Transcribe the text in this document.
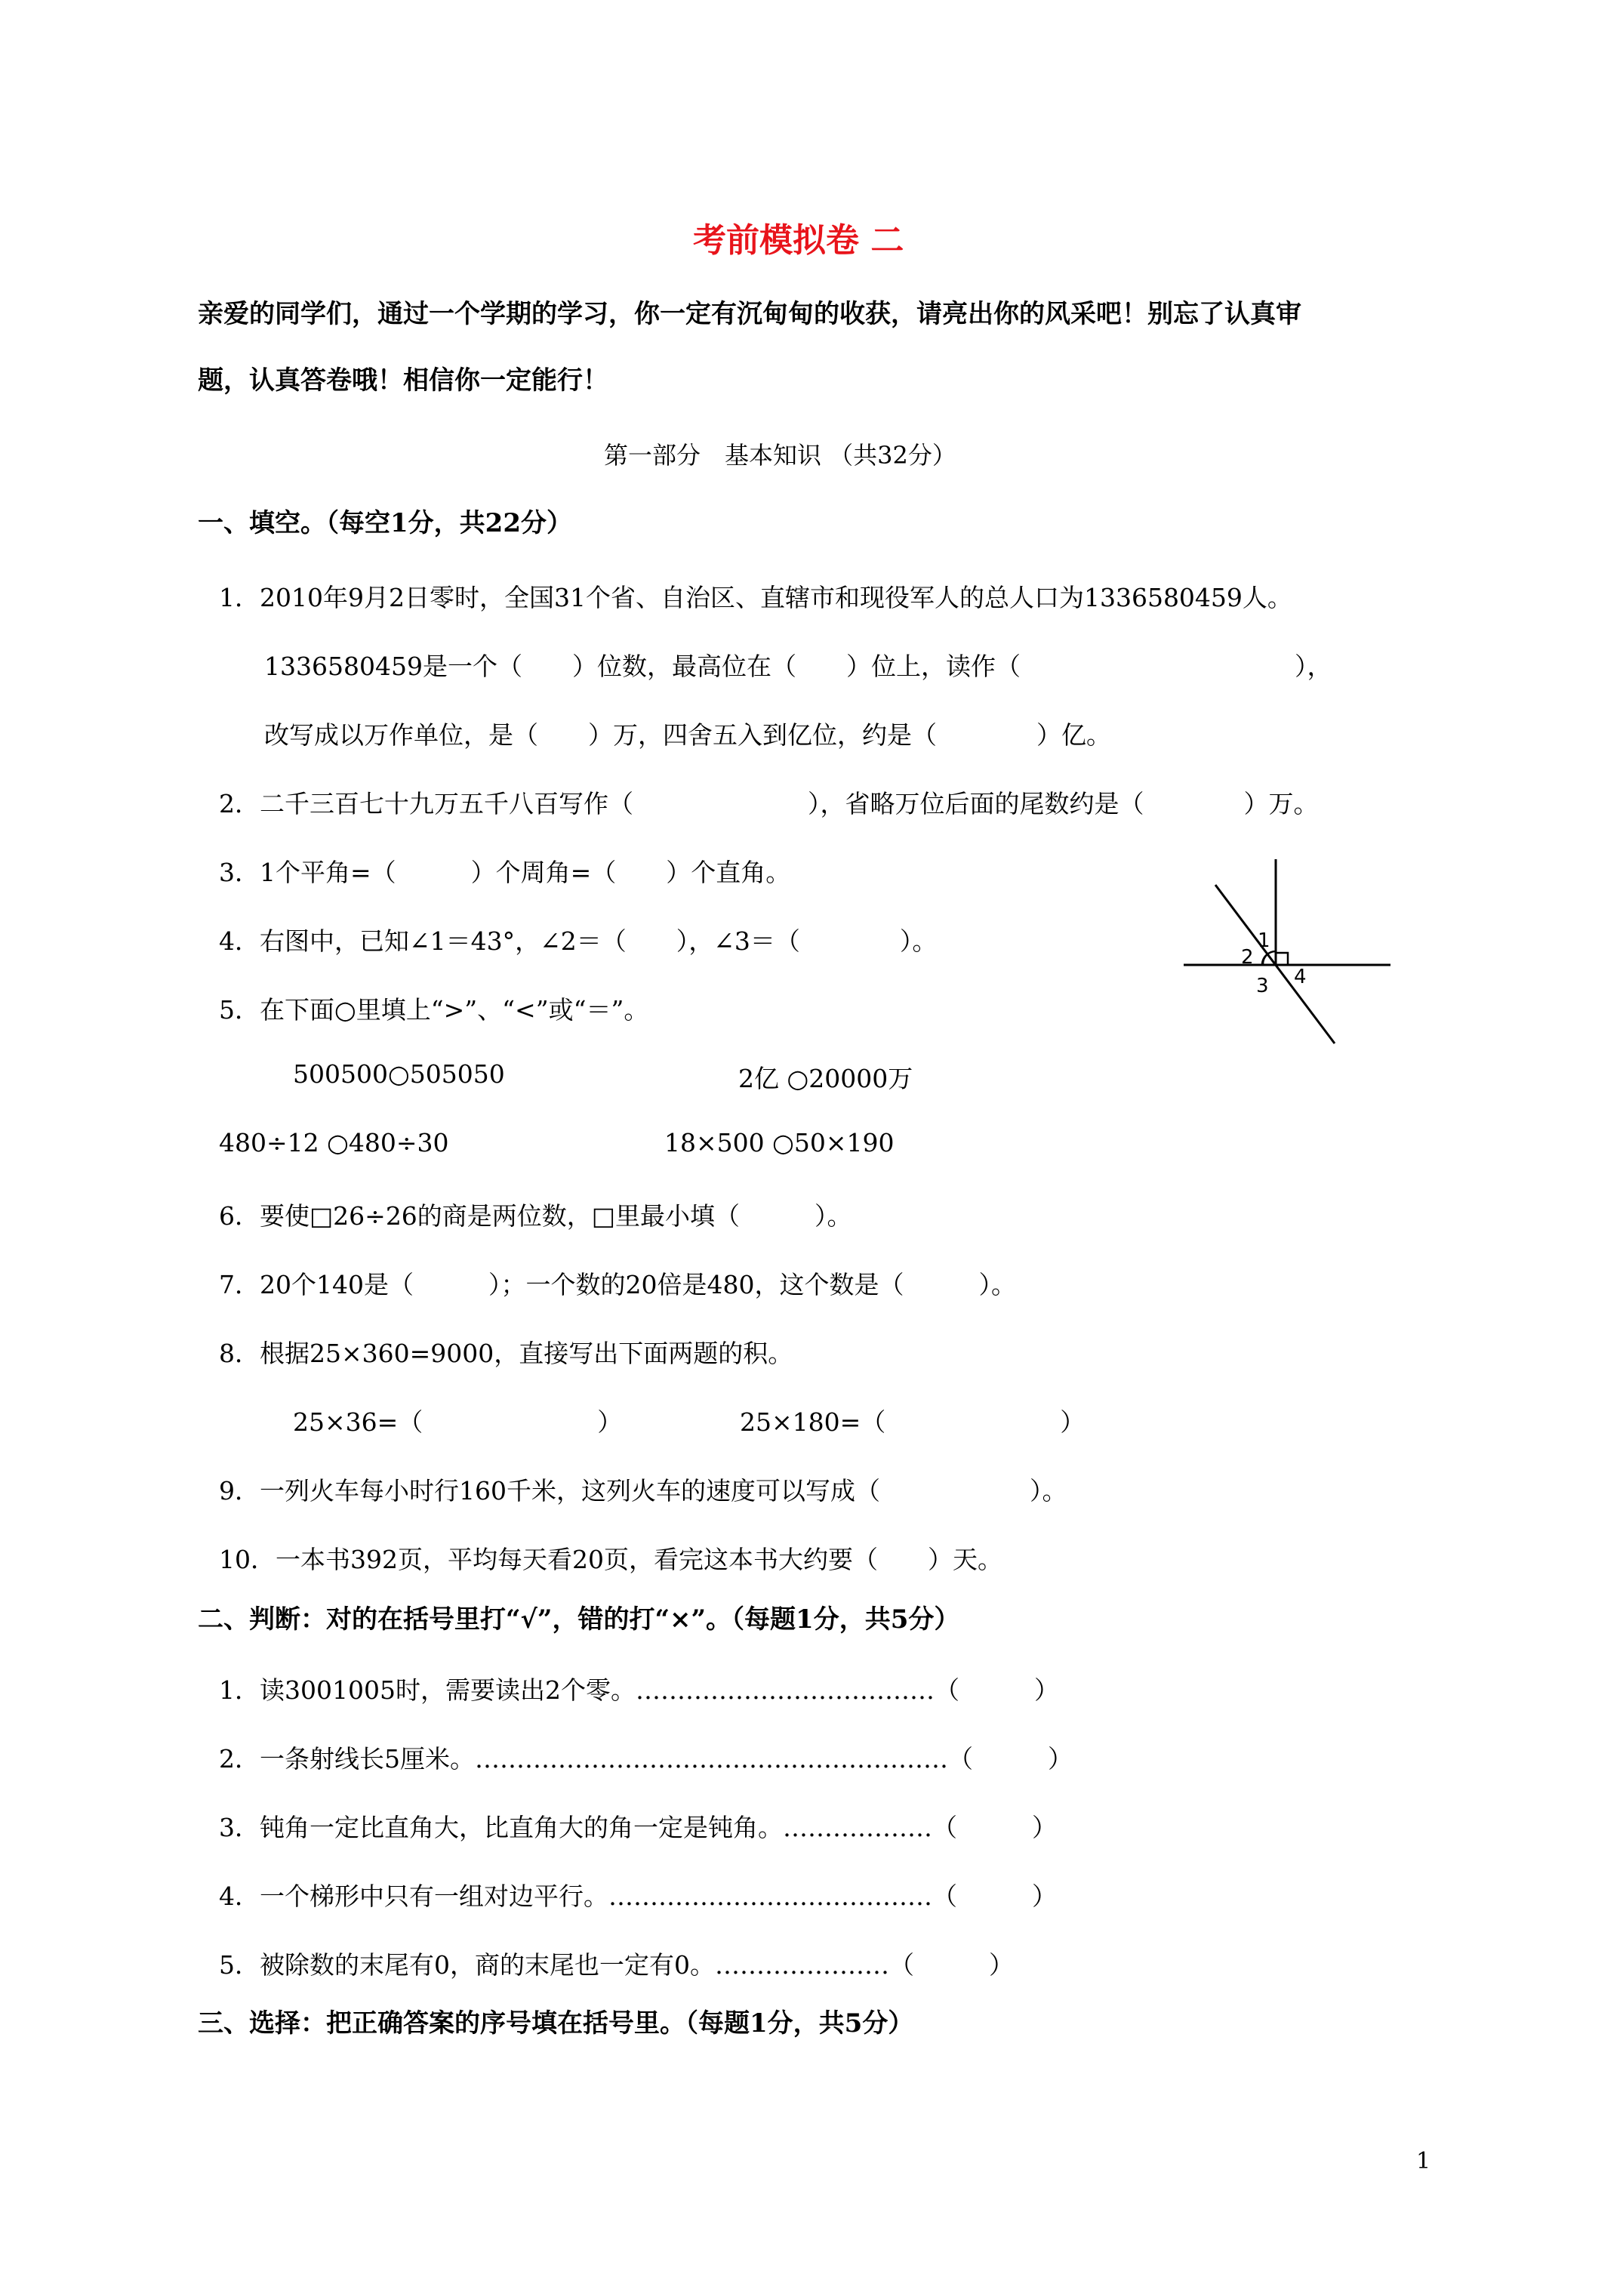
考前模拟卷 二
亲爱的同学们，通过一个学期的学习，你一定有沉甸甸的收获，请亮出你的风采吧！别忘了认真审
题，认真答卷哦！相信你一定能行！
第一部分　基本知识 （共32分）
一、填空。（每空1分，共22分）
1．2010年9月2日零时，全国31个省、自治区、直辖市和现役军人的总人口为1336580459人。
1336580459是一个（　　）位数，最高位在（　　）位上，读作（　　　　　　　　　　　），
改写成以万作单位，是（　　）万，四舍五入到亿位，约是（　　　　）亿。
2．二千三百七十九万五千八百写作（　　　　　　　），省略万位后面的尾数约是（　　　　）万。
3．1个平角=（　　　）个周角=（　　）个直角。
4．右图中，已知∠1＝43°，∠2＝（　　），∠3＝（　　　　）。
5．在下面○里填上“>”、“<”或“＝”。
500500○505050	2亿 ○20000万
480÷12 ○480÷30	18×500 ○50×190
6．要使□26÷26的商是两位数，□里最小填（　　　）。
7．20个140是（　　　）；一个数的20倍是480，这个数是（　　　）。
8．根据25×360=9000，直接写出下面两题的积。
25×36=（　　　　　　　）	25×180=（　　　　　　　）
9．一列火车每小时行160千米，这列火车的速度可以写成（　　　　　　）。
10．一本书392页，平均每天看20页，看完这本书大约要（　　）天。
1
2
3 4
二、判断：对的在括号里打“√”，错的打“×”。（每题1分，共5分）
1．读3001005时，需要读出2个零。………………………………（　　　）
2．一条射线长5厘米。…………………………………………………（　　　）
3．钝角一定比直角大，比直角大的角一定是钝角。………………（　　　）
4．一个梯形中只有一组对边平行。…………………………………（　　　）
5．被除数的末尾有0，商的末尾也一定有0。…………………（　　　）
三、选择：把正确答案的序号填在括号里。（每题1分，共5分）
1
